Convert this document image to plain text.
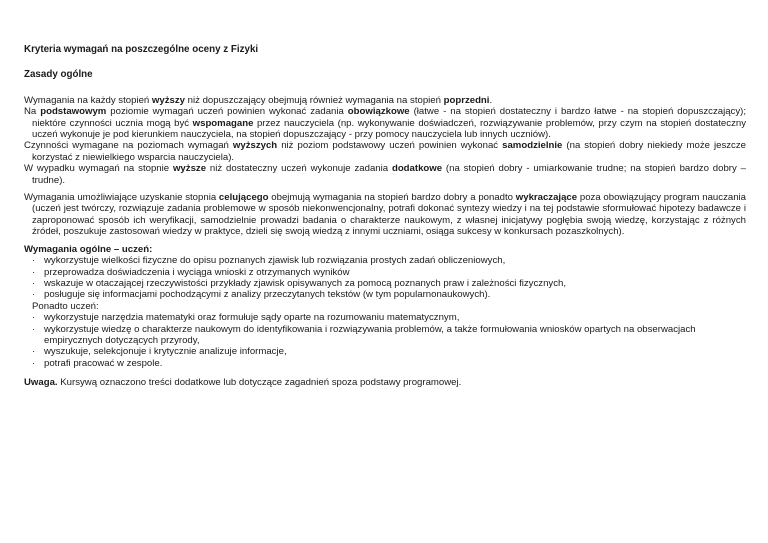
Kryteria wymagań na poszczególne oceny z Fizyki

Zasady ogólne

Wymagania na każdy stopień wyższy niż dopuszczający obejmują również wymagania na stopień poprzedni.

Na podstawowym poziomie wymagań uczeń powinien wykonać zadania obowiązkowe (łatwe - na stopień dostateczny i bardzo łatwe - na stopień dopuszczający); niektóre czynności ucznia mogą być wspomagane przez nauczyciela (np. wykonywanie doświadczeń, rozwiązywanie problemów, przy czym na stopień dostateczny uczeń wykonuje je pod kierunkiem nauczyciela, na stopień dopuszczający - przy pomocy nauczyciela lub innych uczniów).

Czynności wymagane na poziomach wymagań wyższych niż poziom podstawowy uczeń powinien wykonać samodzielnie (na stopień dobry niekiedy może jeszcze korzystać z niewielkiego wsparcia nauczyciela).

W wypadku wymagań na stopnie wyższe niż dostateczny uczeń wykonuje zadania dodatkowe (na stopień dobry - umiarkowanie trudne; na stopień bardzo dobry – trudne).

Wymagania umożliwiające uzyskanie stopnia celującego obejmują wymagania na stopień bardzo dobry a ponadto wykraczające poza obowiązujący program nauczania (uczeń jest twórczy, rozwiązuje zadania problemowe w sposób niekonwencjonalny, potrafi dokonać syntezy wiedzy i na tej podstawie sformułować hipotezy badawcze i zaproponować sposób ich weryfikacji, samodzielnie prowadzi badania o charakterze naukowym, z własnej inicjatywy pogłębia swoją wiedzę, korzystając z różnych źródeł, poszukuje zastosowań wiedzy w praktyce, dzieli się swoją wiedzą z innymi uczniami, osiąga sukcesy w konkursach pozaszkolnych).

Wymagania ogólne – uczeń:

· wykorzystuje wielkości fizyczne do opisu poznanych zjawisk lub rozwiązania prostych zadań obliczeniowych,
· przeprowadza doświadczenia i wyciąga wnioski z otrzymanych wyników
· wskazuje w otaczającej rzeczywistości przykłady zjawisk opisywanych za pomocą poznanych praw i zależności fizycznych,
· posługuje się informacjami pochodzącymi z analizy przeczytanych tekstów (w tym popularnonaukowych).

Ponadto uczeń:

· wykorzystuje narzędzia matematyki oraz formułuje sądy oparte na rozumowaniu matematycznym,
· wykorzystuje wiedzę o charakterze naukowym do identyfikowania i rozwiązywania problemów, a także formułowania wniosków opartych na obserwacjach empirycznych dotyczących przyrody,
· wyszukuje, selekcjonuje i krytycznie analizuje informacje,
· potrafi pracować w zespole.

Uwaga. Kursywą oznaczono treści dodatkowe lub dotyczące zagadnień spoza podstawy programowej.
